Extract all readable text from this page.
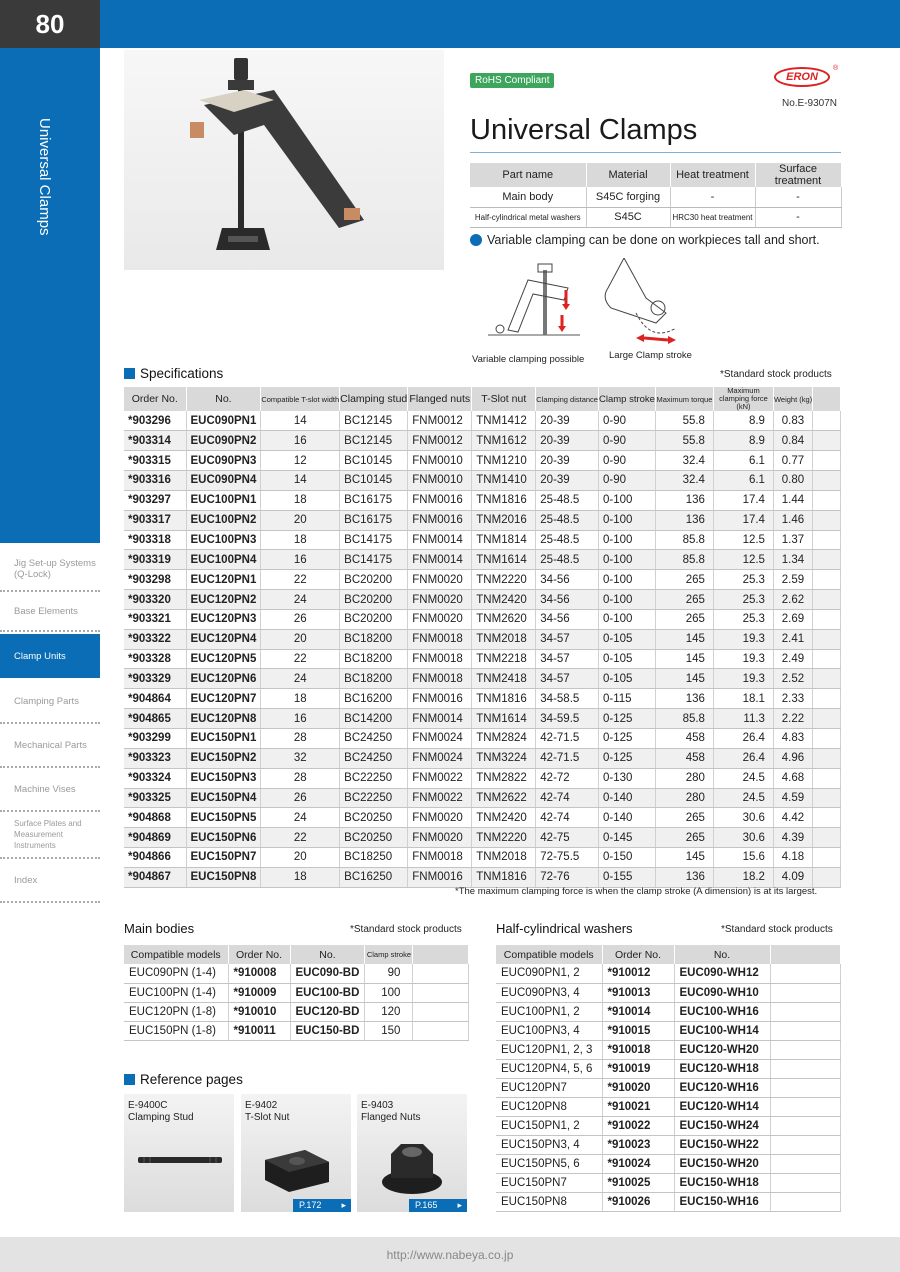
80
Universal Clamps
Jig Set-up Systems (Q-Lock)
Base Elements
Clamp Units
Clamping Parts
Mechanical Parts
Machine Vises
Surface Plates and Measurement Instruments
Index
RoHS Compliant	ERON
®
No.E-9307N
Universal Clamps
Part name	Material	Heat treatment	Surface treatment
Main body	S45C forging	-	-
Half-cylindrical metal washers	S45C	HRC30 heat treatment	-
Variable clamping can be done on workpieces tall and short.
Variable clamping possible	Large Clamp stroke
Specifications	*Standard stock products
Order No.	No.	Compatible T-slot width	Clamping stud	Flanged nuts	T-Slot nut	Clamping distance	Clamp stroke	Maximum torque	Maximum clamping force (kN)	Weight (kg)	
*903296	EUC090PN1	14	BC12145	FNM0012	TNM1412	20-39	0-90	55.8	8.9	0.83	
*903314	EUC090PN2	16	BC12145	FNM0012	TNM1612	20-39	0-90	55.8	8.9	0.84	
*903315	EUC090PN3	12	BC10145	FNM0010	TNM1210	20-39	0-90	32.4	6.1	0.77	
*903316	EUC090PN4	14	BC10145	FNM0010	TNM1410	20-39	0-90	32.4	6.1	0.80	
*903297	EUC100PN1	18	BC16175	FNM0016	TNM1816	25-48.5	0-100	136	17.4	1.44	
*903317	EUC100PN2	20	BC16175	FNM0016	TNM2016	25-48.5	0-100	136	17.4	1.46	
*903318	EUC100PN3	18	BC14175	FNM0014	TNM1814	25-48.5	0-100	85.8	12.5	1.37	
*903319	EUC100PN4	16	BC14175	FNM0014	TNM1614	25-48.5	0-100	85.8	12.5	1.34	
*903298	EUC120PN1	22	BC20200	FNM0020	TNM2220	34-56	0-100	265	25.3	2.59	
*903320	EUC120PN2	24	BC20200	FNM0020	TNM2420	34-56	0-100	265	25.3	2.62	
*903321	EUC120PN3	26	BC20200	FNM0020	TNM2620	34-56	0-100	265	25.3	2.69	
*903322	EUC120PN4	20	BC18200	FNM0018	TNM2018	34-57	0-105	145	19.3	2.41	
*903328	EUC120PN5	22	BC18200	FNM0018	TNM2218	34-57	0-105	145	19.3	2.49	
*903329	EUC120PN6	24	BC18200	FNM0018	TNM2418	34-57	0-105	145	19.3	2.52	
*904864	EUC120PN7	18	BC16200	FNM0016	TNM1816	34-58.5	0-115	136	18.1	2.33	
*904865	EUC120PN8	16	BC14200	FNM0014	TNM1614	34-59.5	0-125	85.8	11.3	2.22	
*903299	EUC150PN1	28	BC24250	FNM0024	TNM2824	42-71.5	0-125	458	26.4	4.83	
*903323	EUC150PN2	32	BC24250	FNM0024	TNM3224	42-71.5	0-125	458	26.4	4.96	
*903324	EUC150PN3	28	BC22250	FNM0022	TNM2822	42-72	0-130	280	24.5	4.68	
*903325	EUC150PN4	26	BC22250	FNM0022	TNM2622	42-74	0-140	280	24.5	4.59	
*904868	EUC150PN5	24	BC20250	FNM0020	TNM2420	42-74	0-140	265	30.6	4.42	
*904869	EUC150PN6	22	BC20250	FNM0020	TNM2220	42-75	0-145	265	30.6	4.39	
*904866	EUC150PN7	20	BC18250	FNM0018	TNM2018	72-75.5	0-150	145	15.6	4.18	
*904867	EUC150PN8	18	BC16250	FNM0016	TNM1816	72-76	0-155	136	18.2	4.09	
*The maximum clamping force is when the clamp stroke (A dimension) is at its largest.
Main bodies	*Standard stock products
Compatible models	Order No.	No.	Clamp stroke	
EUC090PN (1-4)	*910008	EUC090-BD	90	
EUC100PN (1-4)	*910009	EUC100-BD	100	
EUC120PN (1-8)	*910010	EUC120-BD	120	
EUC150PN (1-8)	*910011	EUC150-BD	150	
Half-cylindrical washers	*Standard stock products
Compatible models	Order No.	No.	
EUC090PN1, 2	*910012	EUC090-WH12	
EUC090PN3, 4	*910013	EUC090-WH10	
EUC100PN1, 2	*910014	EUC100-WH16	
EUC100PN3, 4	*910015	EUC100-WH14	
EUC120PN1, 2, 3	*910018	EUC120-WH20	
EUC120PN4, 5, 6	*910019	EUC120-WH18	
EUC120PN7	*910020	EUC120-WH16	
EUC120PN8	*910021	EUC120-WH14	
EUC150PN1, 2	*910022	EUC150-WH24	
EUC150PN3, 4	*910023	EUC150-WH22	
EUC150PN5, 6	*910024	EUC150-WH20	
EUC150PN7	*910025	EUC150-WH18	
EUC150PN8	*910026	EUC150-WH16	
Reference pages
E-9400C
Clamping Stud
E-9402
T-Slot Nut
P.172 ▸
E-9403
Flanged Nuts
P.165 ▸
http://www.nabeya.co.jp
